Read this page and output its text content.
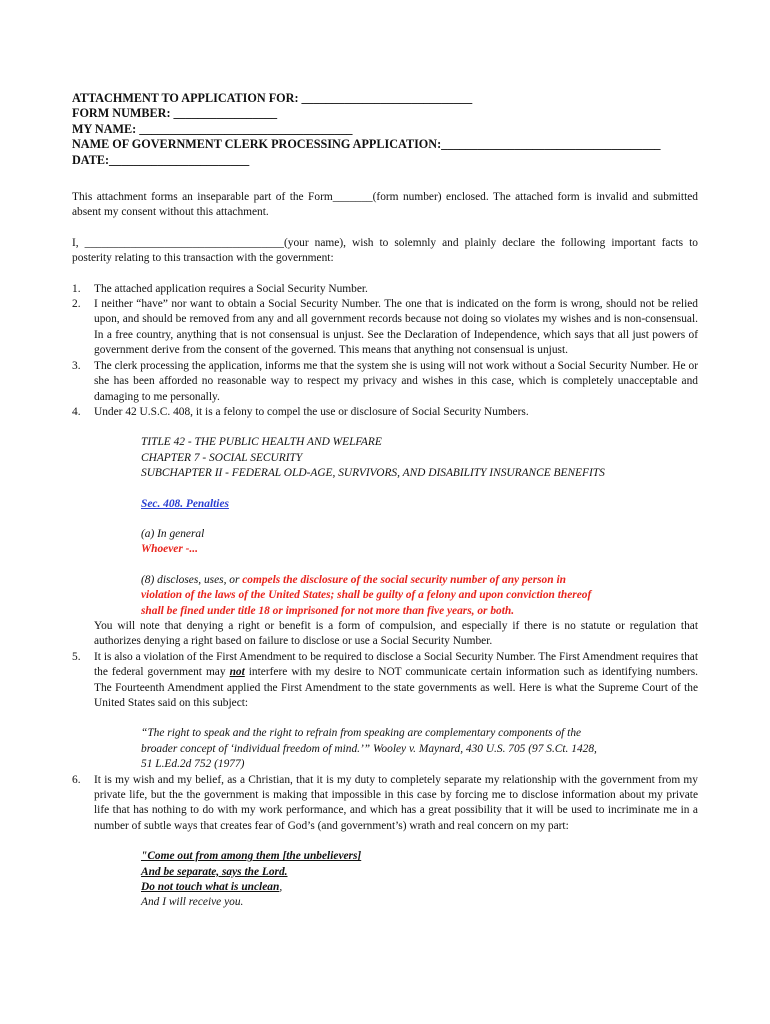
ATTACHMENT TO APPLICATION FOR: ____________________________
FORM NUMBER: _________________
MY NAME: ___________________________________
NAME OF GOVERNMENT CLERK PROCESSING APPLICATION:____________________________________
DATE:_______________________

This attachment forms an inseparable part of the Form_______(form number) enclosed. The attached form is invalid and submitted absent my consent without this attachment.

I, ___________________________________(your name), wish to solemnly and plainly declare the following important facts to posterity relating to this transaction with the government:

1.	The attached application requires a Social Security Number.
2.	I neither “have” nor want to obtain a Social Security Number. The one that is indicated on the form is wrong, should not be relied upon, and should be removed from any and all government records because not doing so violates my wishes and is non-consensual. In a free country, anything that is not consensual is unjust. See the Declaration of Independence, which says that all just powers of government derive from the consent of the governed. This means that anything not consensual is unjust.
3.	The clerk processing the application, informs me that the system she is using will not work without a Social Security Number. He or she has been afforded no reasonable way to respect my privacy and wishes in this case, which is completely unacceptable and damaging to me personally.
4.	Under 42 U.S.C. 408, it is a felony to compel the use or disclosure of Social Security Numbers.
TITLE 42 - THE PUBLIC HEALTH AND WELFARE
CHAPTER 7 - SOCIAL SECURITY
SUBCHAPTER II - FEDERAL OLD-AGE, SURVIVORS, AND DISABILITY INSURANCE BENEFITS
Sec. 408. Penalties
(a) In general
Whoever -...
(8) discloses, uses, or compels the disclosure of the social security number of any person in violation of the laws of the United States; shall be guilty of a felony and upon conviction thereof shall be fined under title 18 or imprisoned for not more than five years, or both.

You will note that denying a right or benefit is a form of compulsion, and especially if there is no statute or regulation that authorizes denying a right based on failure to disclose or use a Social Security Number.

5.	It is also a violation of the First Amendment to be required to disclose a Social Security Number. The First Amendment requires that the federal government may not interfere with my desire to NOT communicate certain information such as identifying numbers. The Fourteenth Amendment applied the First Amendment to the state governments as well. Here is what the Supreme Court of the United States said on this subject:
“The right to speak and the right to refrain from speaking are complementary components of the broader concept of ‘individual freedom of mind.’” Wooley v. Maynard, 430 U.S. 705 (97 S.Ct. 1428, 51 L.Ed.2d 752 (1977)
6.	It is my wish and my belief, as a Christian, that it is my duty to completely separate my relationship with the government from my private life, but the the government is making that impossible in this case by forcing me to disclose information about my private life that has nothing to do with my work performance, and which has a great possibility that it will be used to incriminate me in a number of subtle ways that creates fear of God’s (and government’s) wrath and real concern on my part:
"Come out from among them [the unbelievers]
And be separate, says the Lord.
Do not touch what is unclean,
And I will receive you.
